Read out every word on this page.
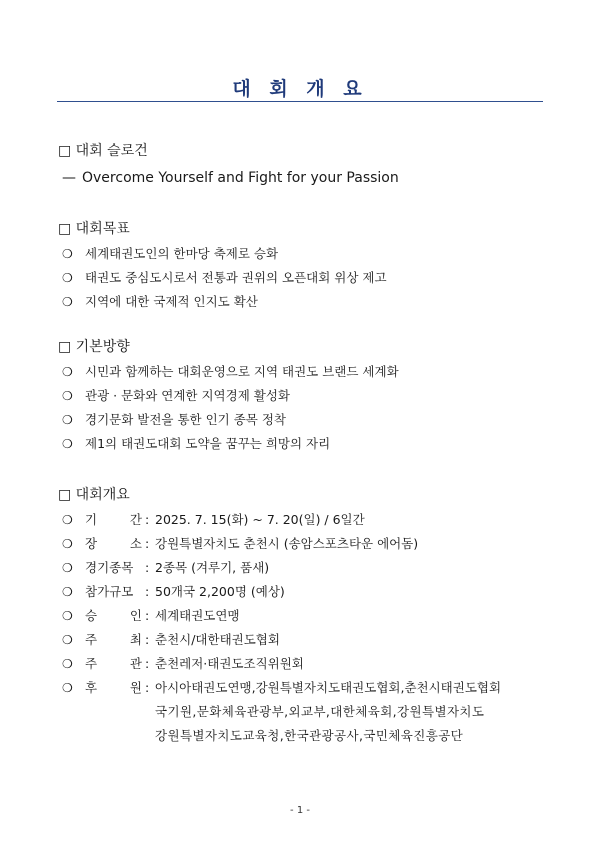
대 회 개 요
□ 대회 슬로건
— Overcome Yourself and Fight for your Passion
□ 대회목표
❍ 세계태권도인의 한마당 축제로 승화
❍ 태권도 중심도시로서 전통과 권위의 오픈대회 위상 제고
❍ 지역에 대한 국제적 인지도 확산
□ 기본방향
❍ 시민과 함께하는 대회운영으로 지역 태권도 브랜드 세계화
❍ 관광 · 문화와 연계한 지역경제 활성화
❍ 경기문화 발전을 통한 인기 종목 정착
❍ 제1의 태권도대회 도약을 꿈꾸는 희망의 자리
□ 대회개요
❍ 기	간 : 2025. 7. 15(화) ~ 7. 20(일) / 6일간
❍ 장	소 : 강원특별자치도 춘천시 (송암스포츠타운 에어돔)
❍ 경기종목 : 2종목 (겨루기, 품새)
❍ 참가규모 : 50개국 2,200명 (예상)
❍ 승	인 : 세계태권도연맹
❍ 주	최 : 춘천시/대한태권도협회
❍ 주	관 : 춘천레저·태권도조직위원회
❍ 후	원 : 아시아태권도연맹,강원특별자치도태권도협회,춘천시태권도협회
국기원,문화체육관광부,외교부,대한체육회,강원특별자치도
강원특별자치도교육청,한국관광공사,국민체육진흥공단
- 1 -
